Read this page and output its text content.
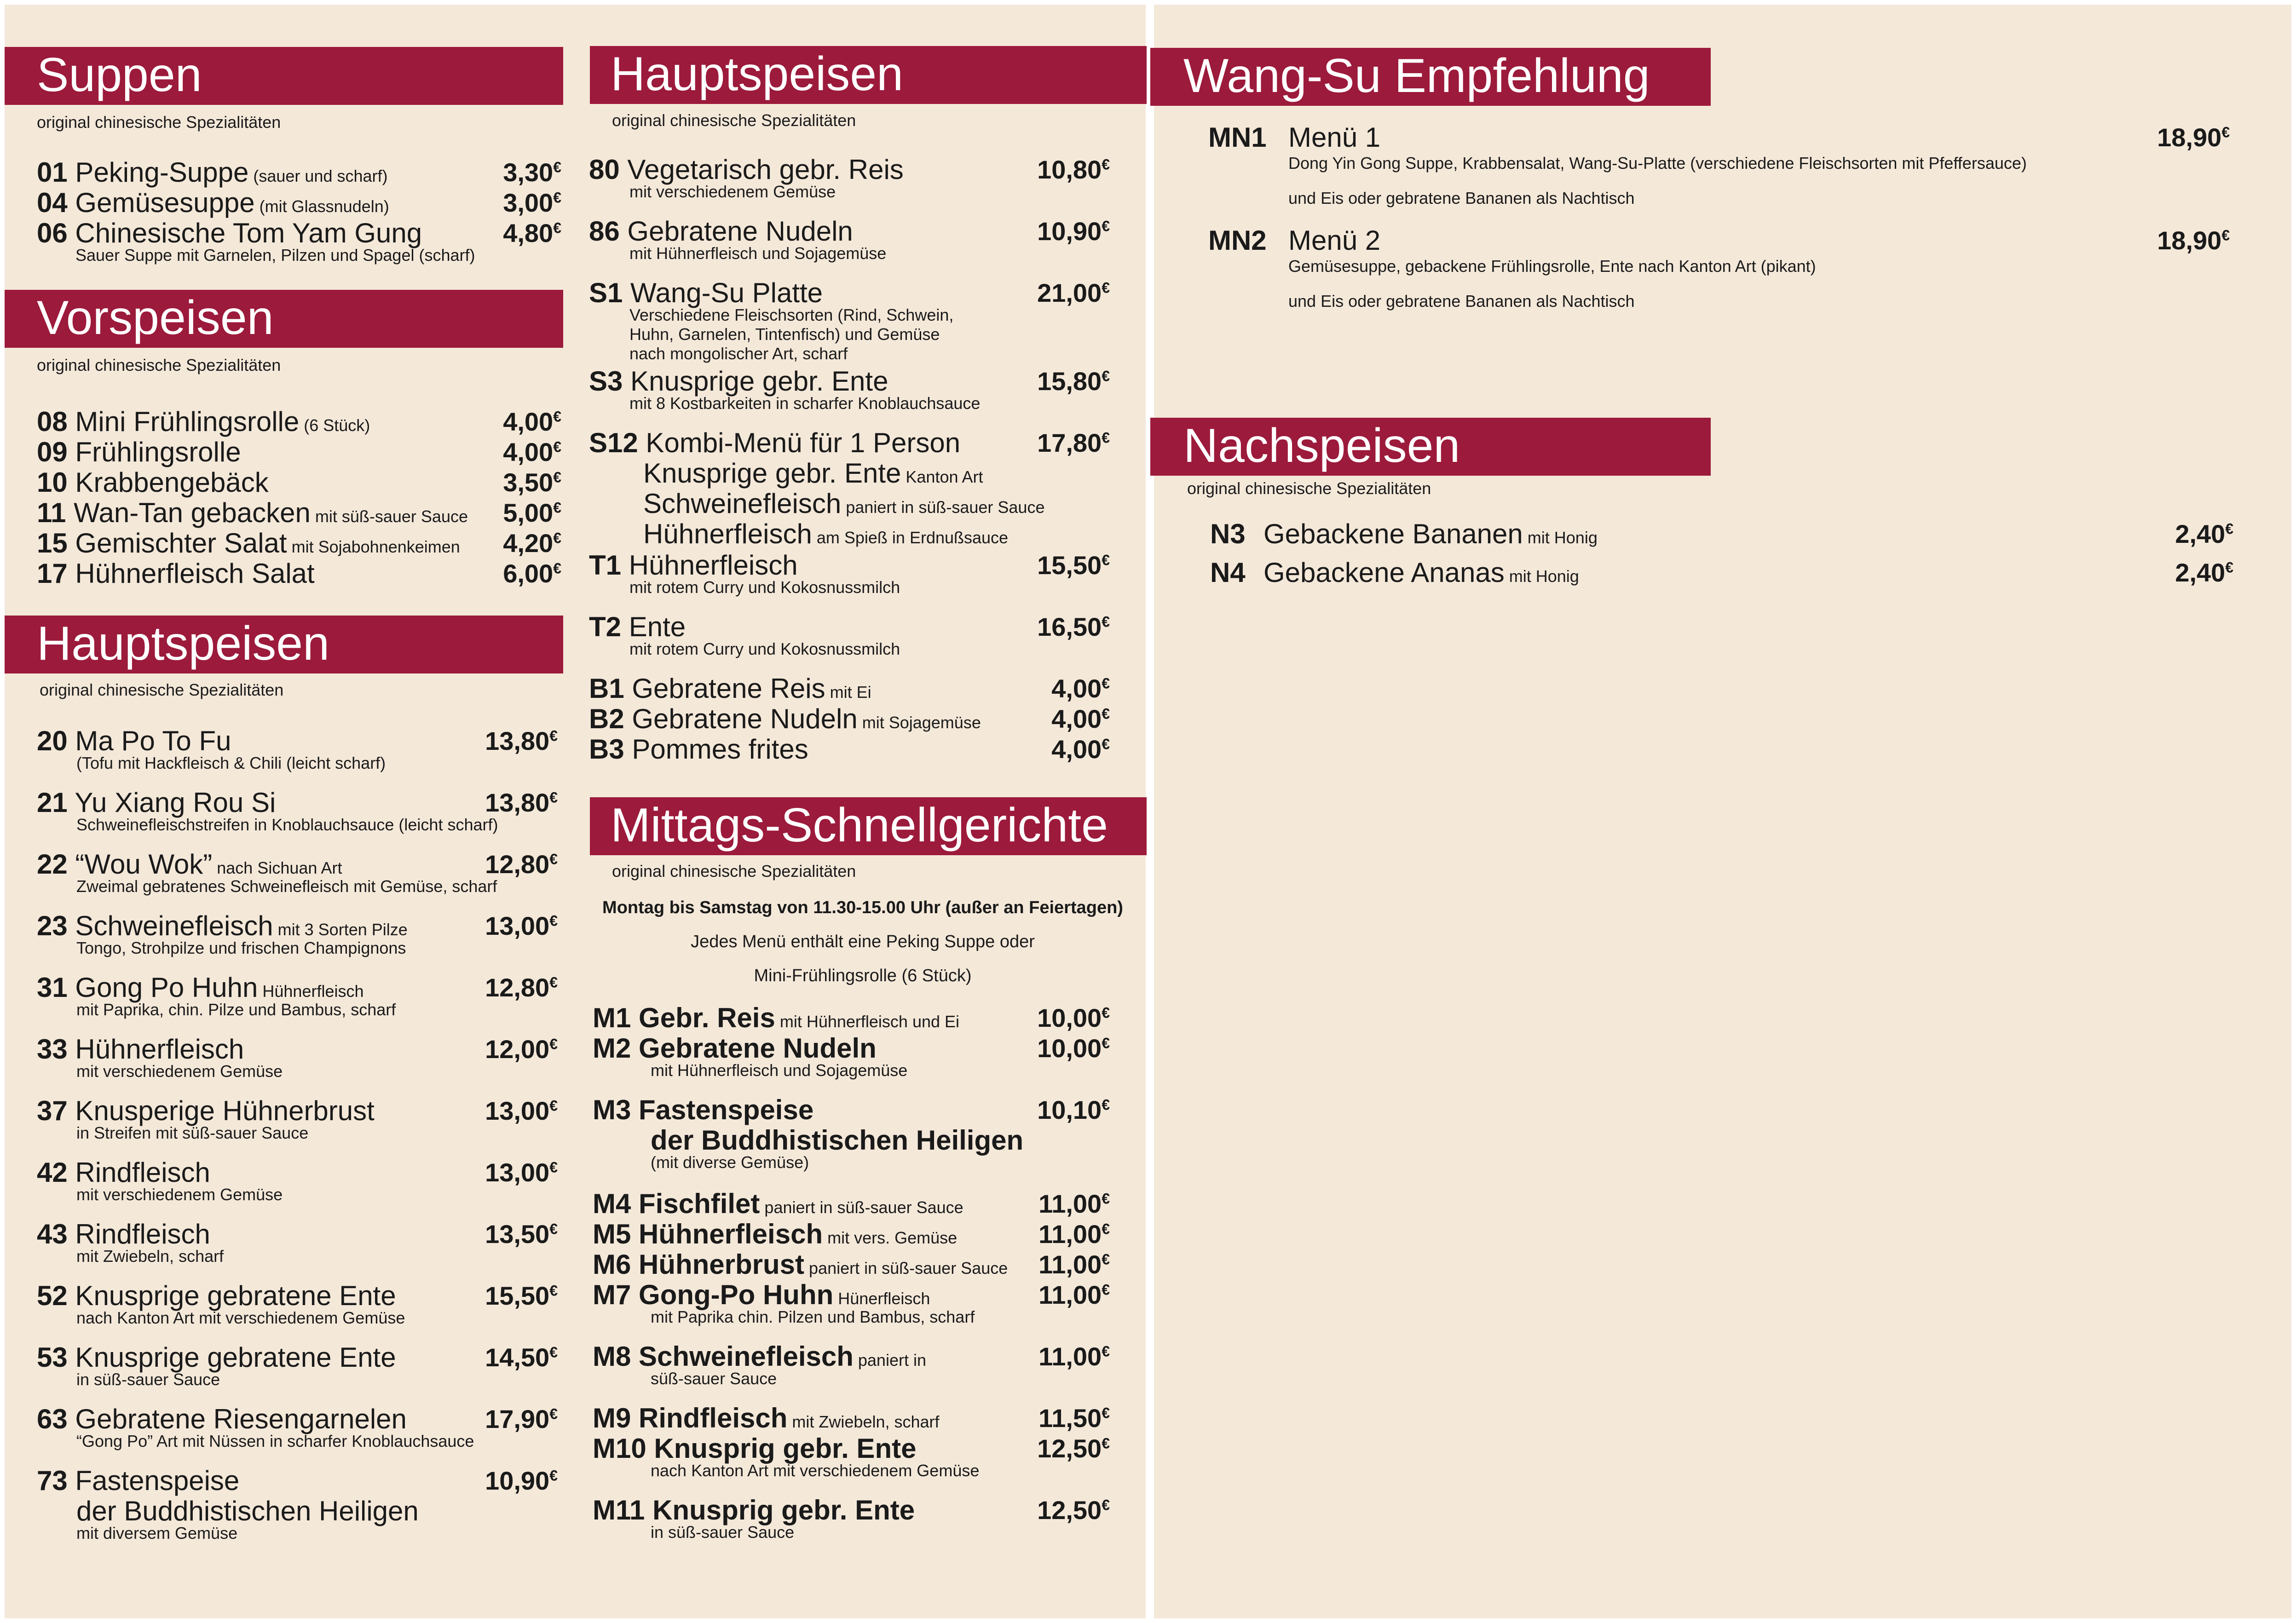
Suppen
original chinesische Spezialitäten
01 Peking-Suppe (sauer und scharf)	3,30€
04 Gemüsesuppe (mit Glassnudeln)	3,00€
06 Chinesische Tom Yam Gung	4,80€
Sauer Suppe mit Garnelen, Pilzen und Spagel (scharf)
Vorspeisen
original chinesische Spezialitäten
08 Mini Frühlingsrolle (6 Stück)	4,00€
09 Frühlingsrolle	4,00€
10 Krabbengebäck	3,50€
11 Wan-Tan gebacken mit süß-sauer Sauce 5,00€
15 Gemischter Salat mit Sojabohnenkeimen 4,20€
17 Hühnerfleisch Salat	6,00€
Hauptspeisen
original chinesische Spezialitäten
20 Ma Po To Fu	13,80€
(Tofu mit Hackfleisch & Chili (leicht scharf)
21 Yu Xiang Rou Si	13,80€
Schweinefleischstreifen in Knoblauchsauce (leicht scharf)
22 “Wou Wok” nach Sichuan Art	12,80€
Zweimal gebratenes Schweinefleisch mit Gemüse, scharf
23 Schweinefleisch mit 3 Sorten Pilze	13,00€
Tongo, Strohpilze und frischen Champignons
31 Gong Po Huhn Hühnerfleisch	12,80€
mit Paprika, chin. Pilze und Bambus, scharf
33 Hühnerfleisch	12,00€
mit verschiedenem Gemüse
37 Knusperige Hühnerbrust	13,00€
in Streifen mit süß-sauer Sauce
42 Rindfleisch	13,00€
mit verschiedenem Gemüse
43 Rindfleisch	13,50€
mit Zwiebeln, scharf
52 Knusprige gebratene Ente	15,50€
nach Kanton Art mit verschiedenem Gemüse
53 Knusprige gebratene Ente	14,50€
in süß-sauer Sauce
63 Gebratene Riesengarnelen	17,90€
“Gong Po” Art mit Nüssen in scharfer Knoblauchsauce
73 Fastenspeise	10,90€
der Buddhistischen Heiligen
mit diversem Gemüse
Hauptspeisen
original chinesische Spezialitäten
80 Vegetarisch gebr. Reis	10,80€
mit verschiedenem Gemüse
86 Gebratene Nudeln	10,90€
mit Hühnerfleisch und Sojagemüse
S1 Wang-Su Platte	21,00€
Verschiedene Fleischsorten (Rind, Schwein,
Huhn, Garnelen, Tintenfisch) und Gemüse
nach mongolischer Art, scharf
S3 Knusprige gebr. Ente	15,80€
mit 8 Kostbarkeiten in scharfer Knoblauchsauce
S12 Kombi-Menü für 1 Person	17,80€
Knusprige gebr. Ente Kanton Art
Schweinefleisch paniert in süß-sauer Sauce
Hühnerfleisch am Spieß in Erdnußsauce
T1 Hühnerfleisch	15,50€
mit rotem Curry und Kokosnussmilch
T2 Ente	16,50€
mit rotem Curry und Kokosnussmilch
B1 Gebratene Reis mit Ei	4,00€
B2 Gebratene Nudeln mit Sojagemüse	4,00€
B3 Pommes frites	4,00€
Mittags-Schnellgerichte
original chinesische Spezialitäten
Montag bis Samstag von 11.30-15.00 Uhr (außer an Feiertagen)
Jedes Menü enthält eine Peking Suppe oder
Mini-Frühlingsrolle (6 Stück)
M1 Gebr. Reis mit Hühnerfleisch und Ei	10,00€
M2 Gebratene Nudeln	10,00€
mit Hühnerfleisch und Sojagemüse
M3 Fastenspeise	10,10€
der Buddhistischen Heiligen
(mit diverse Gemüse)
M4 Fischfilet paniert in süß-sauer Sauce	11,00€
M5 Hühnerfleisch mit vers. Gemüse	11,00€
M6 Hühnerbrust paniert in süß-sauer Sauce 11,00€
M7 Gong-Po Huhn Hünerfleisch	11,00€
mit Paprika chin. Pilzen und Bambus, scharf
M8 Schweinefleisch paniert in	11,00€
süß-sauer Sauce
M9 Rindfleisch mit Zwiebeln, scharf	11,50€
M10 Knusprig gebr. Ente	12,50€
nach Kanton Art mit verschiedenem Gemüse
M11 Knusprig gebr. Ente	12,50€
in süß-sauer Sauce
Wang-Su Empfehlung
MN1 Menü 1	18,90€
Dong Yin Gong Suppe, Krabbensalat, Wang-Su-Platte (verschiedene Fleischsorten mit Pfeffersauce)
und Eis oder gebratene Bananen als Nachtisch
MN2 Menü 2	18,90€
Gemüsesuppe, gebackene Frühlingsrolle, Ente nach Kanton Art (pikant)
und Eis oder gebratene Bananen als Nachtisch
Nachspeisen
original chinesische Spezialitäten
N3 Gebackene Bananen mit Honig	2,40€
N4 Gebackene Ananas mit Honig	2,40€
